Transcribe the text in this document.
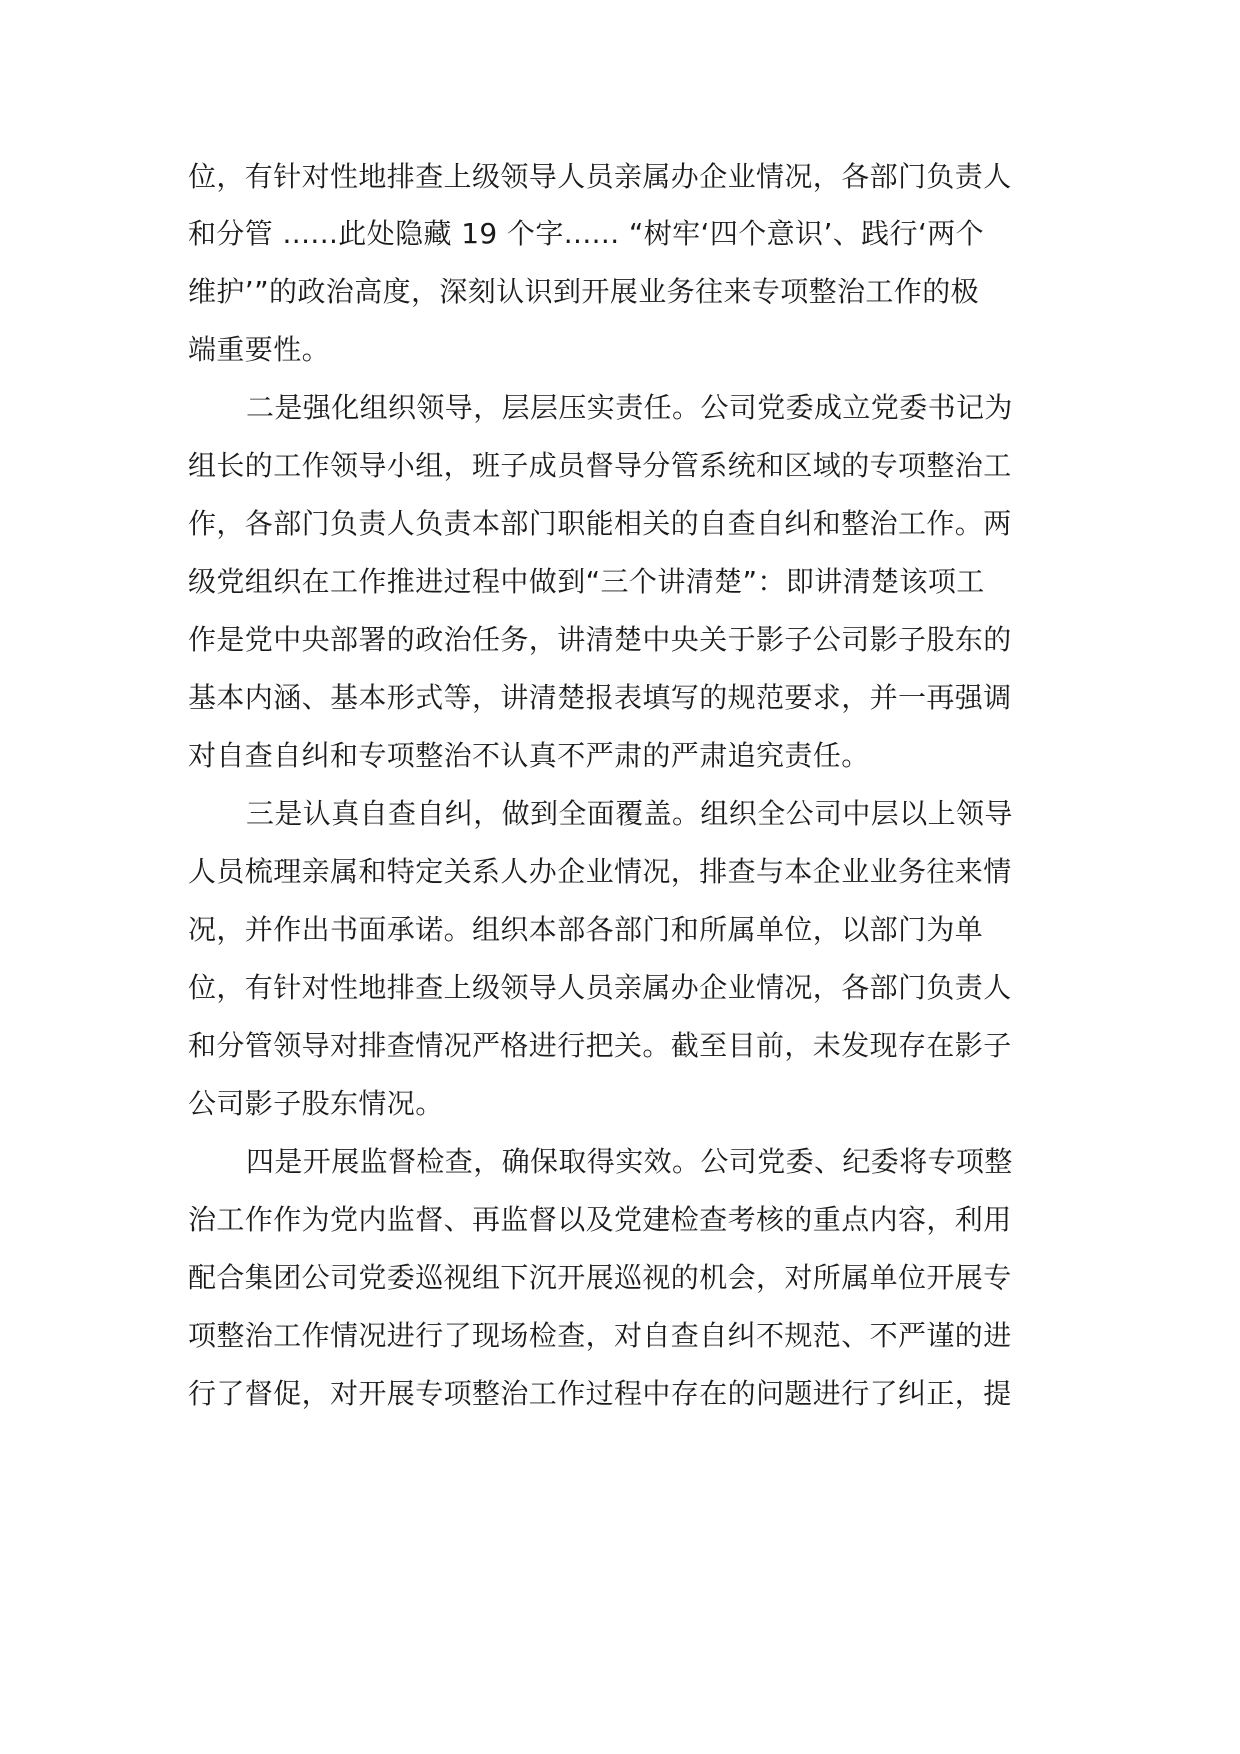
位，有针对性地排查上级领导人员亲属办企业情况，各部门负责人
和分管 ......此处隐藏 19 个字...... “树牢‘四个意识’、践行‘两个
维护’”的政治高度，深刻认识到开展业务往来专项整治工作的极
端重要性。
二是强化组织领导，层层压实责任。公司党委成立党委书记为
组长的工作领导小组，班子成员督导分管系统和区域的专项整治工
作，各部门负责人负责本部门职能相关的自查自纠和整治工作。两
级党组织在工作推进过程中做到“三个讲清楚”：即讲清楚该项工
作是党中央部署的政治任务，讲清楚中央关于影子公司影子股东的
基本内涵、基本形式等，讲清楚报表填写的规范要求，并一再强调
对自查自纠和专项整治不认真不严肃的严肃追究责任。
三是认真自查自纠，做到全面覆盖。组织全公司中层以上领导
人员梳理亲属和特定关系人办企业情况，排查与本企业业务往来情
况，并作出书面承诺。组织本部各部门和所属单位，以部门为单
位，有针对性地排查上级领导人员亲属办企业情况，各部门负责人
和分管领导对排查情况严格进行把关。截至目前，未发现存在影子
公司影子股东情况。
四是开展监督检查，确保取得实效。公司党委、纪委将专项整
治工作作为党内监督、再监督以及党建检查考核的重点内容，利用
配合集团公司党委巡视组下沉开展巡视的机会，对所属单位开展专
项整治工作情况进行了现场检查，对自查自纠不规范、不严谨的进
行了督促，对开展专项整治工作过程中存在的问题进行了纠正，提
